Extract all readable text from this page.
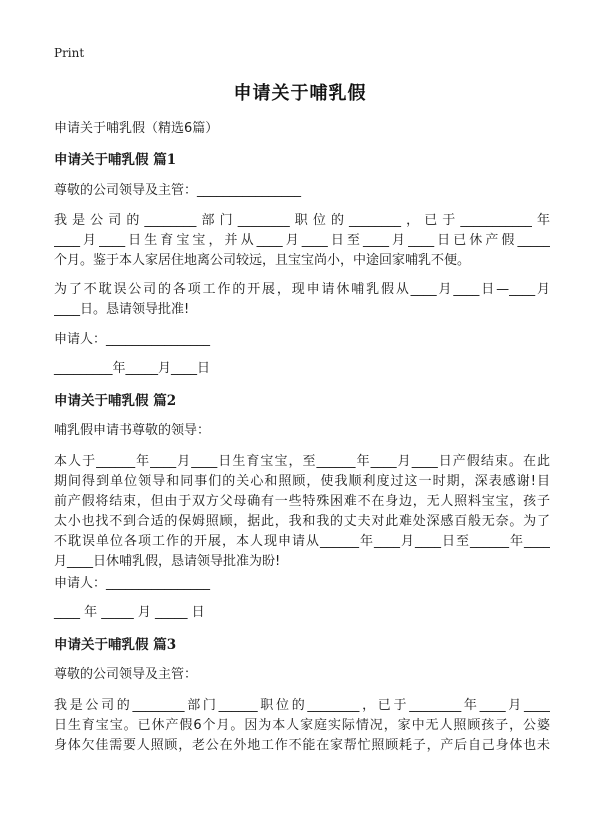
Print
申请关于哺乳假
申请关于哺乳假（精选6篇）
申请关于哺乳假 篇1
尊敬的公司领导及主管：________________
我是公司的________部门________职位的________，已于___________年
____月____日生育宝宝，并从____月____日至____月____日已休产假_____
个月。鉴于本人家居住地离公司较远，且宝宝尚小，中途回家哺乳不便。
为了不耽误公司的各项工作的开展，现申请休哺乳假从____月____日—____月
____日。恳请领导批准!
申请人：________________
_________年_____月____日
申请关于哺乳假 篇2
哺乳假申请书尊敬的领导：
本人于______年____月____日生育宝宝，至______年____月____日产假结束。在此
期间得到单位领导和同事们的关心和照顾，使我顺利度过这一时期，深表感谢!目
前产假将结束，但由于双方父母确有一些特殊困难不在身边，无人照料宝宝，孩子
太小也找不到合适的保姆照顾，据此，我和我的丈夫对此难处深感百般无奈。为了
不耽误单位各项工作的开展，本人现申请从______年____月____日至______年____
月____日休哺乳假，恳请领导批准为盼!
申请人：________________
____ 年 _____ 月 _____ 日
申请关于哺乳假 篇3
尊敬的公司领导及主管：
我是公司的________部门______职位的________，已于________年____月____
日生育宝宝。已休产假6个月。因为本人家庭实际情况，家中无人照顾孩子，公婆
身体欠佳需要人照顾，老公在外地工作不能在家帮忙照顾耗子，产后自己身体也未
